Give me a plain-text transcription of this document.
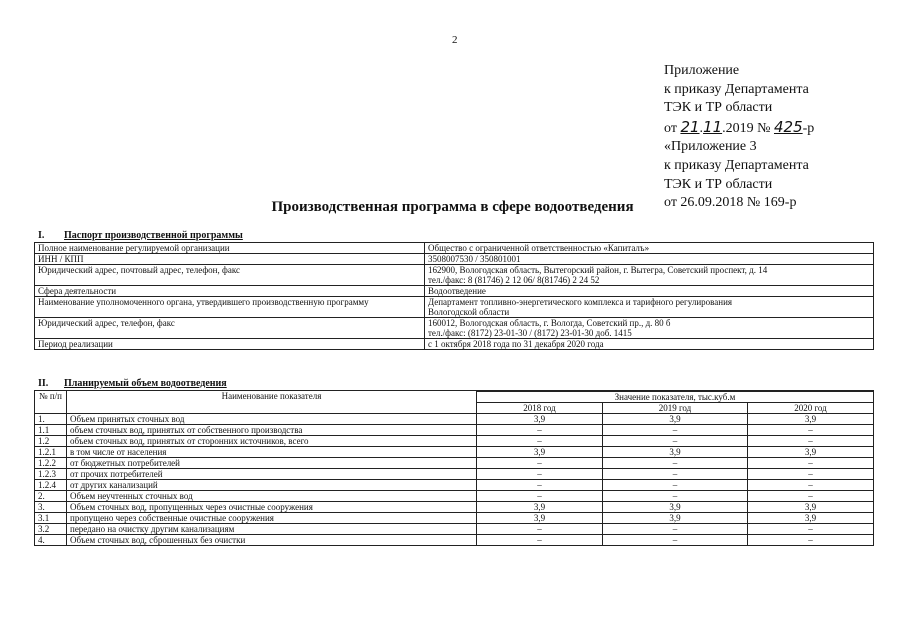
2
Приложение
к приказу Департамента
ТЭК и ТР области
от 21.11.2019 № 425-р
«Приложение 3
к приказу Департамента
ТЭК и ТР области
от 26.09.2018 № 169-р
Производственная программа в сфере водоотведения
I. Паспорт производственной программы
Полное наименование регулируемой организации	Общество с ограниченной ответственностью «Капиталъ»

ИНН / КПП	3508007530 / 350801001

Юридический адрес, почтовый адрес, телефон, факс	162900, Вологодская область, Вытегорский район, г. Вытегра, Советский проспект, д. 14
тел./факс: 8 (81746) 2 12 06/ 8(81746) 2 24 52

Сфера деятельности	Водоотведение

Наименование уполномоченного органа, утвердившего производственную программу	Департамент топливно-энергетического комплекса и тарифного регулирования
Вологодской области

Юридический адрес, телефон, факс	160012, Вологодская область, г. Вологда, Советский пр., д. 80 б
тел./факс: (8172) 23-01-30 / (8172) 23-01-30 доб. 1415

Период реализации	с 1 октября 2018 года по 31 декабря 2020 года
II. Планируемый объем водоотведения
№ п/п	Наименование показателя			
		Значение показателя, тыс.куб.м		
		2018 год	2019 год	2020 год
1.	Объем принятых сточных вод	3,9	3,9	3,9
1.1	объем сточных вод, принятых от собственного производства	–	–	–
1.2	объем сточных вод, принятых от сторонних источников, всего	–	–	–
1.2.1	в том числе от населения	3,9	3,9	3,9
1.2.2	от бюджетных потребителей	–	–	–
1.2.3	от прочих потребителей	–	–	–
1.2.4	от других канализаций	–	–	–
2.	Объем неучтенных сточных вод	–	–	–
3.	Объем сточных вод, пропущенных через очистные сооружения	3,9	3,9	3,9
3.1	пропущено через собственные очистные сооружения	3,9	3,9	3,9
3.2	передано на очистку другим канализациям	–	–	–
4.	Объем сточных вод, сброшенных без очистки	–	–	–
